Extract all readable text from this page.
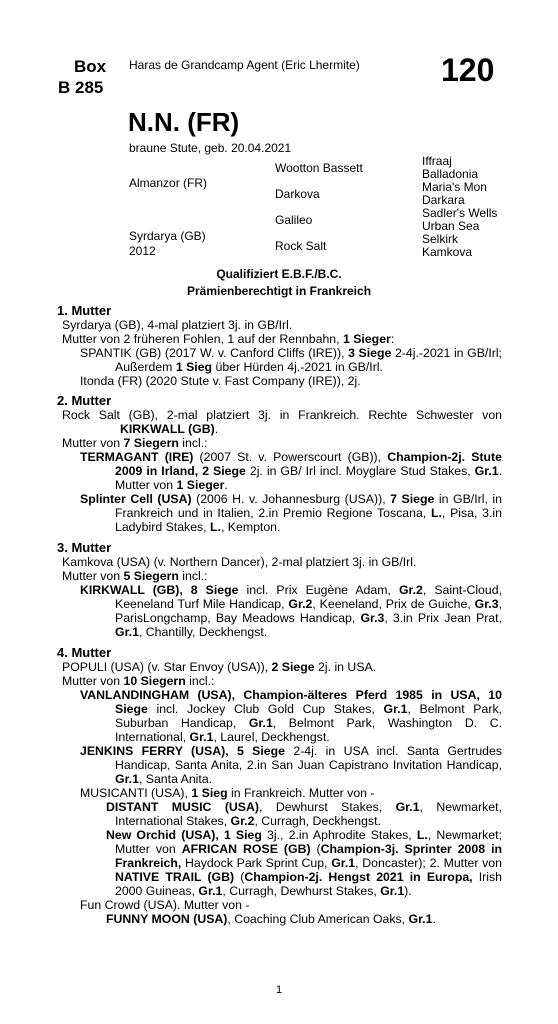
Box
B 285
Haras de Grandcamp Agent (Eric Lhermite)	120
N.N. (FR)
braune Stute, geb. 20.04.2021
Almanzor (FR)
Syrdarya (GB)
2012
Wootton Bassett
Darkova
Galileo
Rock Salt
Iffraaj
Balladonia
Maria's Mon
Darkara
Sadler's Wells
Urban Sea
Selkirk
Kamkova
Qualifiziert E.B.F./B.C.
Prämienberechtigt in Frankreich
1. Mutter

Syrdarya (GB), 4-mal platziert 3j. in GB/Irl.

Mutter von 2 früheren Fohlen, 1 auf der Rennbahn, 1 Sieger:

SPANTIK (GB) (2017 W. v. Canford Cliffs (IRE)), 3 Siege 2-4j.-2021 in GB/Irl; Außerdem 1 Sieg über Hürden 4j.-2021 in GB/Irl.

Itonda (FR) (2020 Stute v. Fast Company (IRE)), 2j.

2. Mutter

Rock Salt (GB), 2-mal platziert 3j. in Frankreich. Rechte Schwester von KIRKWALL (GB).

Mutter von 7 Siegern incl.:

TERMAGANT (IRE) (2007 St. v. Powerscourt (GB)), Champion-2j. Stute 2009 in Irland, 2 Siege 2j. in GB/ Irl incl. Moyglare Stud Stakes, Gr.1. Mutter von 1 Sieger.

Splinter Cell (USA) (2006 H. v. Johannesburg (USA)), 7 Siege in GB/Irl, in Frankreich und in Italien, 2.in Premio Regione Toscana, L., Pisa, 3.in Ladybird Stakes, L., Kempton.

3. Mutter

Kamkova (USA) (v. Northern Dancer), 2-mal platziert 3j. in GB/Irl.

Mutter von 5 Siegern incl.:

KIRKWALL (GB), 8 Siege incl. Prix Eugène Adam, Gr.2, Saint-Cloud, Keeneland Turf Mile Handicap, Gr.2, Keeneland, Prix de Guiche, Gr.3, ParisLongchamp, Bay Meadows Handicap, Gr.3, 3.in Prix Jean Prat, Gr.1, Chantilly, Deckhengst.

4. Mutter

POPULI (USA) (v. Star Envoy (USA)), 2 Siege 2j. in USA.

Mutter von 10 Siegern incl.:

VANLANDINGHAM (USA), Champion-älteres Pferd 1985 in USA, 10 Siege incl. Jockey Club Gold Cup Stakes, Gr.1, Belmont Park, Suburban Handicap, Gr.1, Belmont Park, Washington D. C. International, Gr.1, Laurel, Deckhengst.

JENKINS FERRY (USA), 5 Siege 2-4j. in USA incl. Santa Gertrudes Handicap, Santa Anita, 2.in San Juan Capistrano Invitation Handicap, Gr.1, Santa Anita.

MUSICANTI (USA), 1 Sieg in Frankreich. Mutter von -

DISTANT MUSIC (USA), Dewhurst Stakes, Gr.1, Newmarket, International Stakes, Gr.2, Curragh, Deckhengst.

New Orchid (USA), 1 Sieg 3j., 2.in Aphrodite Stakes, L., Newmarket; Mutter von AFRICAN ROSE (GB) (Champion-3j. Sprinter 2008 in Frankreich, Haydock Park Sprint Cup, Gr.1, Doncaster); 2. Mutter von NATIVE TRAIL (GB) (Champion-2j. Hengst 2021 in Europa, Irish 2000 Guineas, Gr.1, Curragh, Dewhurst Stakes, Gr.1).

Fun Crowd (USA). Mutter von -

FUNNY MOON (USA), Coaching Club American Oaks, Gr.1.

1
